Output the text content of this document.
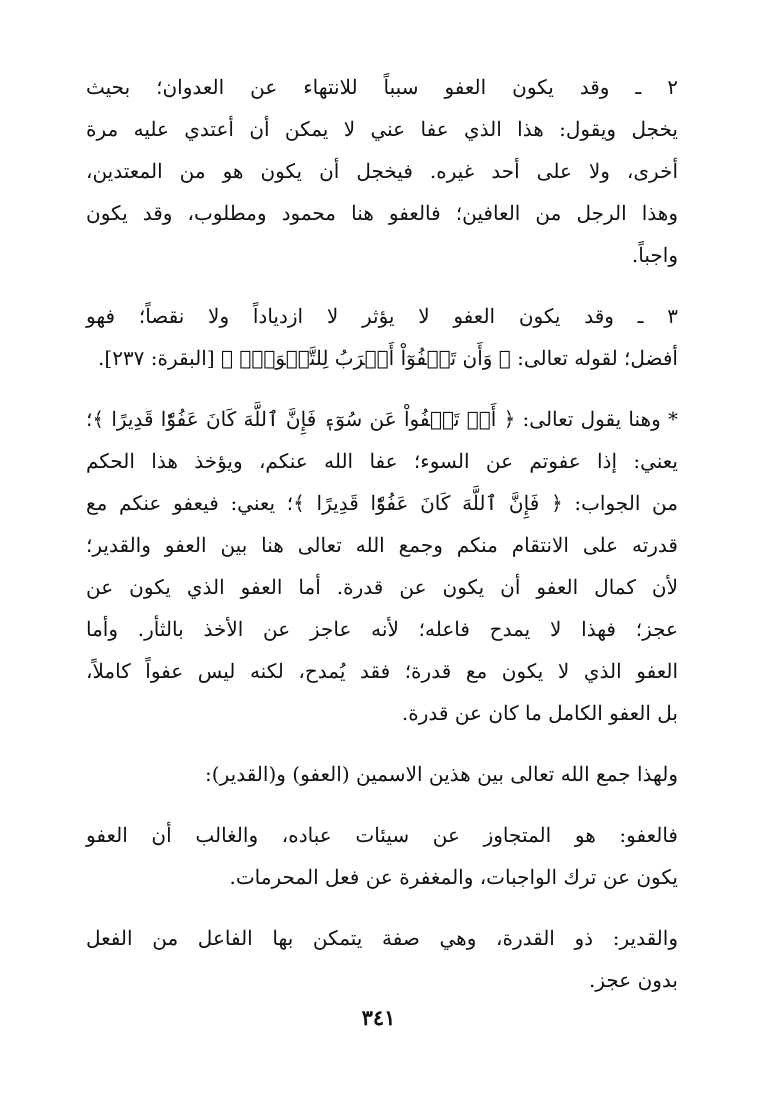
٢ ـ وقد يكون العفو سبباً للانتهاء عن العدوان؛ بحيث
يخجل ويقول: هذا الذي عفا عني لا يمكن أن أعتدي عليه مرة
أخرى، ولا على أحد غيره. فيخجل أن يكون هو من المعتدين،
وهذا الرجل من العافين؛ فالعفو هنا محمود ومطلوب، وقد يكون
واجباً.

٣ ـ وقد يكون العفو لا يؤثر لا ازدياداً ولا نقصاً؛ فهو
أفضل؛ لقوله تعالى: ﴿ وَأَن تَعۡفُوٓاْ أَقۡرَبُ لِلتَّقۡوَىٰۚ ﴾ [البقرة: ٢٣٧].

* وهنا يقول تعالى: ﴿ أَوۡ تَعۡفُواْ عَن سُوٓءٖ فَإِنَّ ٱللَّهَ كَانَ عَفُوّٗا قَدِيرًا ﴾؛
يعني: إذا عفوتم عن السوء؛ عفا الله عنكم، ويؤخذ هذا الحكم
من الجواب: ﴿ فَإِنَّ ٱللَّهَ كَانَ عَفُوّٗا قَدِيرًا ﴾؛ يعني: فيعفو عنكم مع
قدرته على الانتقام منكم وجمع الله تعالى هنا بين العفو والقدير؛
لأن كمال العفو أن يكون عن قدرة. أما العفو الذي يكون عن
عجز؛ فهذا لا يمدح فاعله؛ لأنه عاجز عن الأخذ بالثأر. وأما
العفو الذي لا يكون مع قدرة؛ فقد يُمدح، لكنه ليس عفواً كاملاً،
بل العفو الكامل ما كان عن قدرة.

ولهذا جمع الله تعالى بين هذين الاسمين (العفو) و(القدير):

فالعفو: هو المتجاوز عن سيئات عباده، والغالب أن العفو
يكون عن ترك الواجبات، والمغفرة عن فعل المحرمات.

والقدير: ذو القدرة، وهي صفة يتمكن بها الفاعل من الفعل
بدون عجز.

٣٤١
